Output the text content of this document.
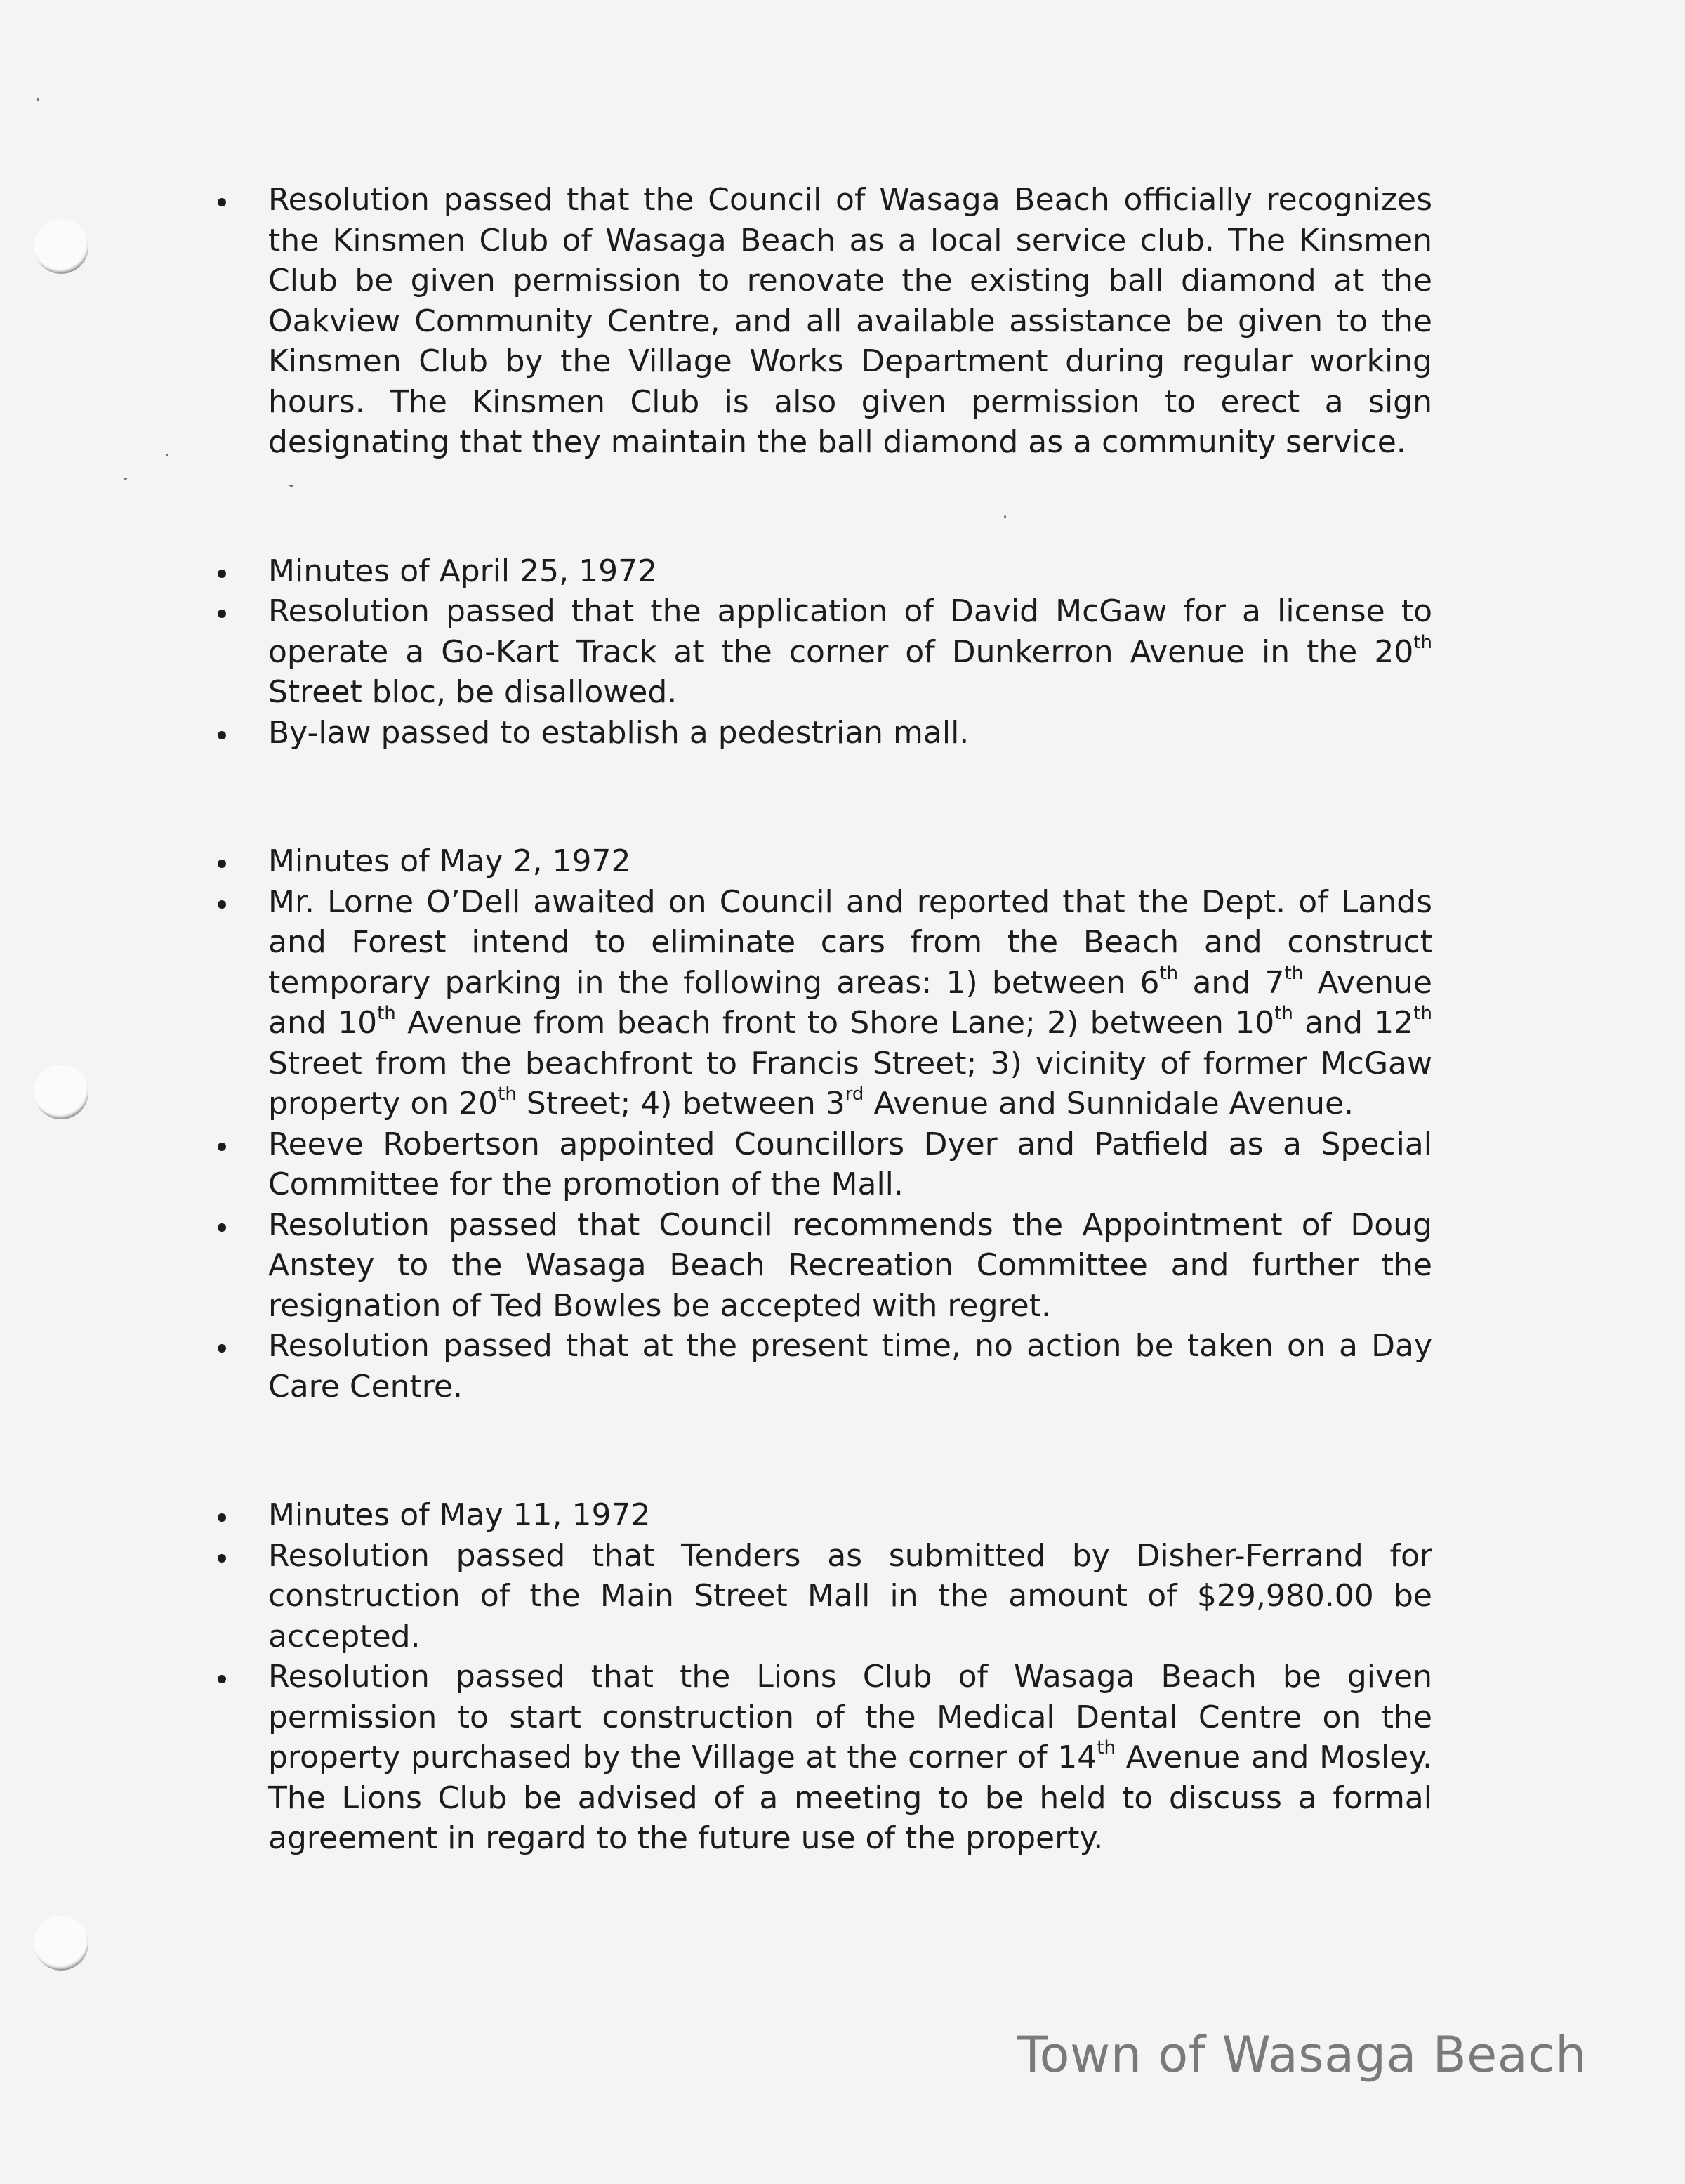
Resolution passed that the Council of Wasaga Beach officially recognizes the Kinsmen Club of Wasaga Beach as a local service club. The Kinsmen Club be given permission to renovate the existing ball diamond at the Oakview Community Centre, and all available assistance be given to the Kinsmen Club by the Village Works Department during regular working hours. The Kinsmen Club is also given permission to erect a sign designating that they maintain the ball diamond as a community service.
Minutes of April 25, 1972
Resolution passed that the application of David McGaw for a license to operate a Go-Kart Track at the corner of Dunkerron Avenue in the 20th Street bloc, be disallowed.
By-law passed to establish a pedestrian mall.
Minutes of May 2, 1972
Mr. Lorne O’Dell awaited on Council and reported that the Dept. of Lands and Forest intend to eliminate cars from the Beach and construct temporary parking in the following areas: 1) between 6th and 7th Avenue and 10th Avenue from beach front to Shore Lane; 2) between 10th and 12th Street from the beachfront to Francis Street; 3) vicinity of former McGaw property on 20th Street; 4) between 3rd Avenue and Sunnidale Avenue.
Reeve Robertson appointed Councillors Dyer and Patfield as a Special Committee for the promotion of the Mall.
Resolution passed that Council recommends the Appointment of Doug Anstey to the Wasaga Beach Recreation Committee and further the resignation of Ted Bowles be accepted with regret.
Resolution passed that at the present time, no action be taken on a Day Care Centre.
Minutes of May 11, 1972
Resolution passed that Tenders as submitted by Disher-Ferrand for construction of the Main Street Mall in the amount of $29,980.00 be accepted.
Resolution passed that the Lions Club of Wasaga Beach be given permission to start construction of the Medical Dental Centre on the property purchased by the Village at the corner of 14th Avenue and Mosley. The Lions Club be advised of a meeting to be held to discuss a formal agreement in regard to the future use of the property.
Town of Wasaga Beach
